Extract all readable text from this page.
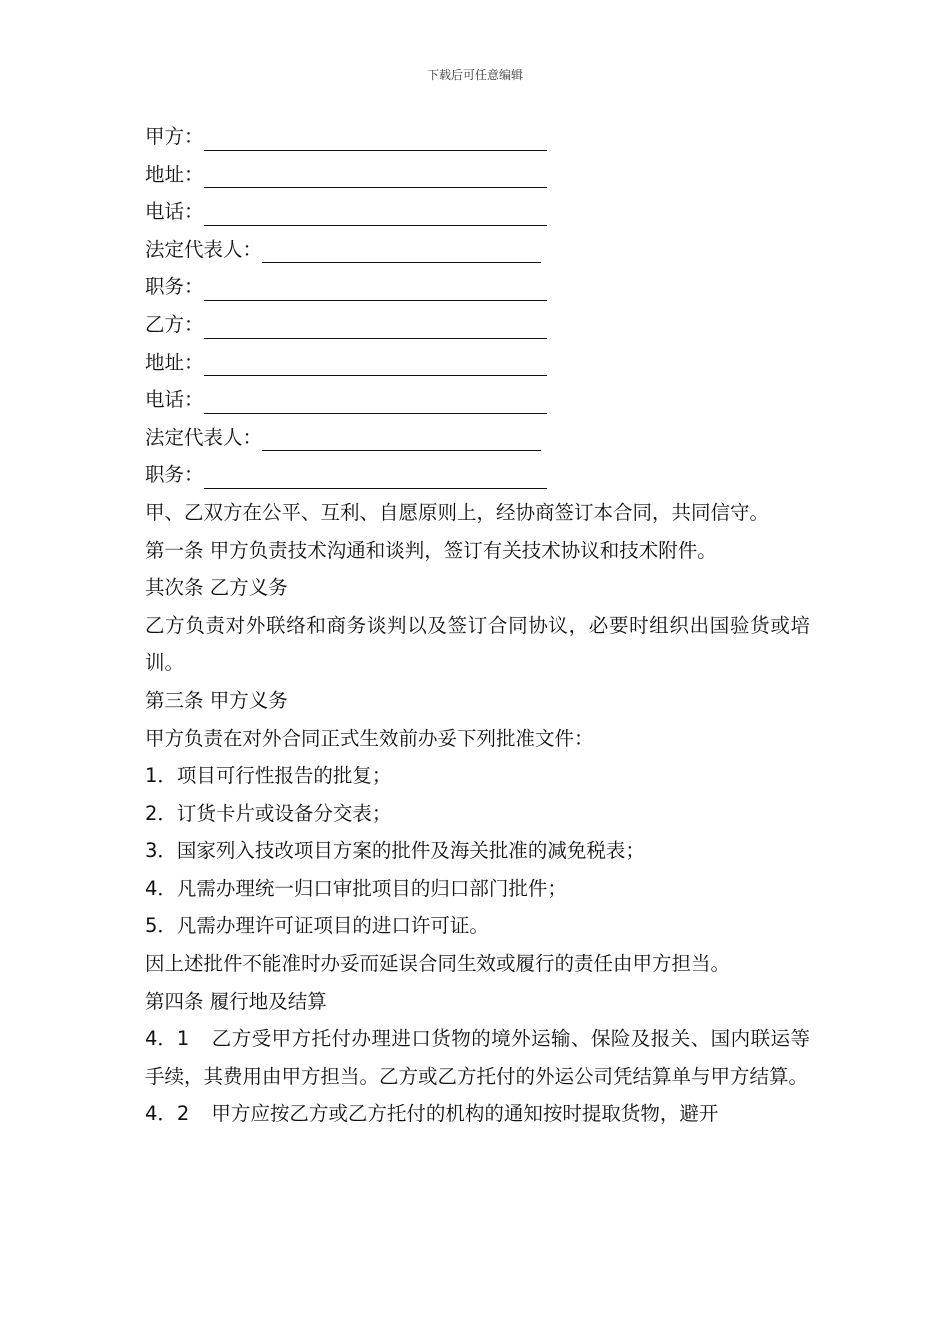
下载后可任意编辑
甲方：
地址：
电话：
法定代表人：
职务：
乙方：
地址：
电话：
法定代表人：
职务：
甲、乙双方在公平、互利、自愿原则上，经协商签订本合同，共同信守。
第一条 甲方负责技术沟通和谈判，签订有关技术协议和技术附件。
其次条 乙方义务
乙方负责对外联络和商务谈判以及签订合同协议，必要时组织出国验货或培训。
第三条 甲方义务
甲方负责在对外合同正式生效前办妥下列批准文件：
1．项目可行性报告的批复；
2．订货卡片或设备分交表；
3．国家列入技改项目方案的批件及海关批准的减免税表；
4．凡需办理统一归口审批项目的归口部门批件；
5．凡需办理许可证项目的进口许可证。
因上述批件不能准时办妥而延误合同生效或履行的责任由甲方担当。
第四条 履行地及结算
4．1 乙方受甲方托付办理进口货物的境外运输、保险及报关、国内联运等手续，其费用由甲方担当。乙方或乙方托付的外运公司凭结算单与甲方结算。
4．2 甲方应按乙方或乙方托付的机构的通知按时提取货物，避开
